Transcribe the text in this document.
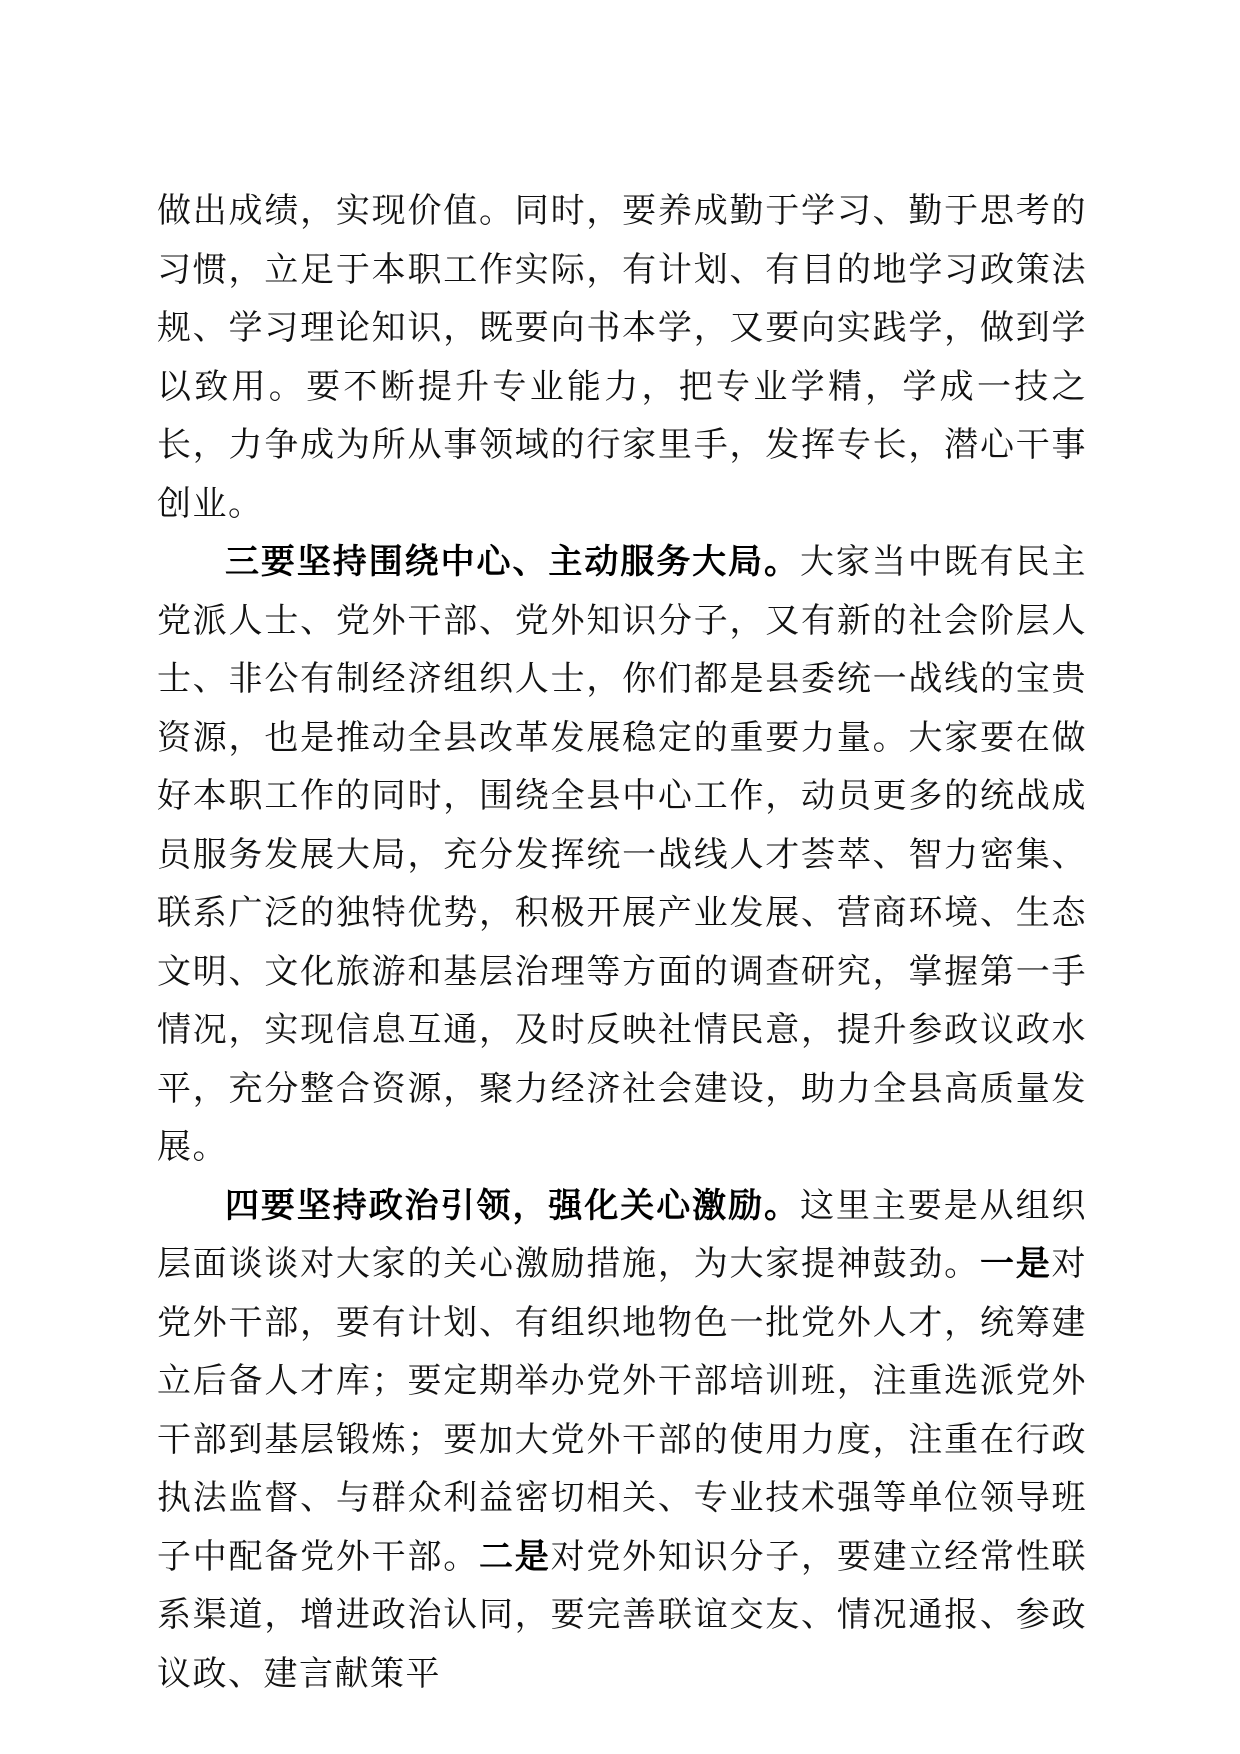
做出成绩，实现价值。同时，要养成勤于学习、勤于思考的习惯，立足于本职工作实际，有计划、有目的地学习政策法规、学习理论知识，既要向书本学，又要向实践学，做到学以致用。要不断提升专业能力，把专业学精，学成一技之长，力争成为所从事领域的行家里手，发挥专长，潜心干事创业。

三要坚持围绕中心、主动服务大局。大家当中既有民主党派人士、党外干部、党外知识分子，又有新的社会阶层人士、非公有制经济组织人士，你们都是县委统一战线的宝贵资源，也是推动全县改革发展稳定的重要力量。大家要在做好本职工作的同时，围绕全县中心工作，动员更多的统战成员服务发展大局，充分发挥统一战线人才荟萃、智力密集、联系广泛的独特优势，积极开展产业发展、营商环境、生态文明、文化旅游和基层治理等方面的调查研究，掌握第一手情况，实现信息互通，及时反映社情民意，提升参政议政水平，充分整合资源，聚力经济社会建设，助力全县高质量发展。

四要坚持政治引领，强化关心激励。这里主要是从组织层面谈谈对大家的关心激励措施，为大家提神鼓劲。一是对党外干部，要有计划、有组织地物色一批党外人才，统筹建立后备人才库；要定期举办党外干部培训班，注重选派党外干部到基层锻炼；要加大党外干部的使用力度，注重在行政执法监督、与群众利益密切相关、专业技术强等单位领导班子中配备党外干部。二是对党外知识分子，要建立经常性联系渠道，增进政治认同，要完善联谊交友、情况通报、参政议政、建言献策平
